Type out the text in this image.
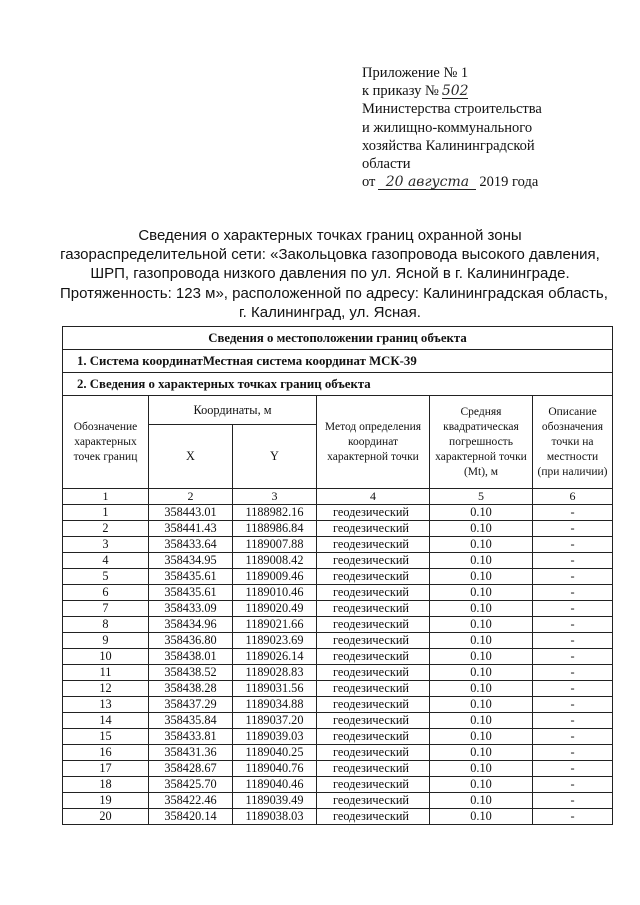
Приложение № 1
к приказу № 502
Министерства строительства
и жилищно-коммунального
хозяйства Калининградской
области
от 20 августа 2019 года
Сведения о характерных точках границ охранной зоны
газораспределительной сети: «Закольцовка газопровода высокого давления,
ШРП, газопровода низкого давления по ул. Ясной в г. Калининграде.
Протяженность: 123 м», расположенной по адресу: Калининградская область,
г. Калининград, ул. Ясная.
Сведения о местоположении границ объекта					
1. Система координатМестная система координат МСК-39					
2. Сведения о характерных точках границ объекта					
Обозначение характерных точек границ	Координаты, м		Метод определения координат характерной точки	Средняя квадратическая погрешность характерной точки (Mt), м	Описание обозначения точки на местности (при наличии)
	X	Y			
1	2	3	4	5	6
1	358443.01	1188982.16	геодезический	0.10	-
2	358441.43	1188986.84	геодезический	0.10	-
3	358433.64	1189007.88	геодезический	0.10	-
4	358434.95	1189008.42	геодезический	0.10	-
5	358435.61	1189009.46	геодезический	0.10	-
6	358435.61	1189010.46	геодезический	0.10	-
7	358433.09	1189020.49	геодезический	0.10	-
8	358434.96	1189021.66	геодезический	0.10	-
9	358436.80	1189023.69	геодезический	0.10	-
10	358438.01	1189026.14	геодезический	0.10	-
11	358438.52	1189028.83	геодезический	0.10	-
12	358438.28	1189031.56	геодезический	0.10	-
13	358437.29	1189034.88	геодезический	0.10	-
14	358435.84	1189037.20	геодезический	0.10	-
15	358433.81	1189039.03	геодезический	0.10	-
16	358431.36	1189040.25	геодезический	0.10	-
17	358428.67	1189040.76	геодезический	0.10	-
18	358425.70	1189040.46	геодезический	0.10	-
19	358422.46	1189039.49	геодезический	0.10	-
20	358420.14	1189038.03	геодезический	0.10	-
